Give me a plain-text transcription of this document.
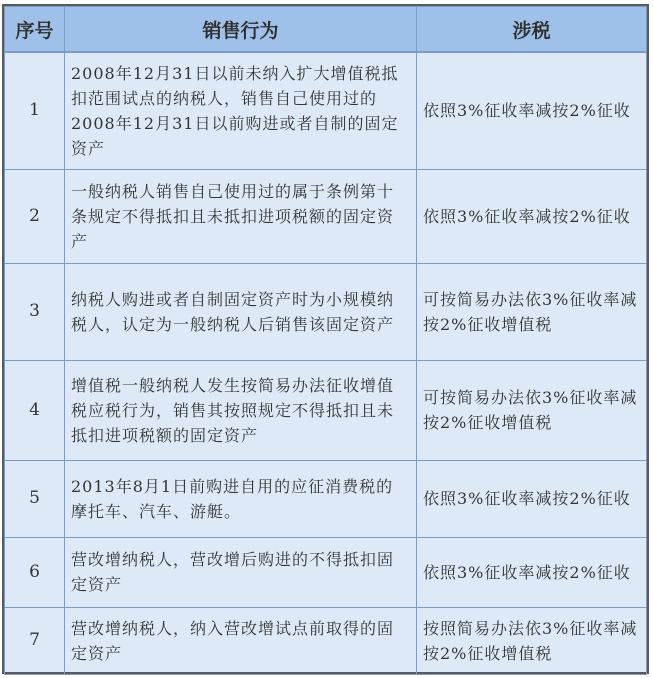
序号	销售行为	涉税
1	2008年12月31日以前未纳入扩大增值税抵扣范围试点的纳税人，销售自己使用过的2008年12月31日以前购进或者自制的固定资产	依照3%征收率减按2%征收
2	一般纳税人销售自己使用过的属于条例第十条规定不得抵扣且未抵扣进项税额的固定资产	依照3%征收率减按2%征收
3	纳税人购进或者自制固定资产时为小规模纳税人，认定为一般纳税人后销售该固定资产	可按简易办法依3%征收率减按2%征收增值税
4	增值税一般纳税人发生按简易办法征收增值税应税行为，销售其按照规定不得抵扣且未抵扣进项税额的固定资产	可按简易办法依3%征收率减按2%征收增值税
5	2013年8月1日前购进自用的应征消费税的摩托车、汽车、游艇。	依照3%征收率减按2%征收
6	营改增纳税人，营改增后购进的不得抵扣固定资产	依照3%征收率减按2%征收
7	营改增纳税人，纳入营改增试点前取得的固定资产	按照简易办法依3%征收率减按2%征收增值税
